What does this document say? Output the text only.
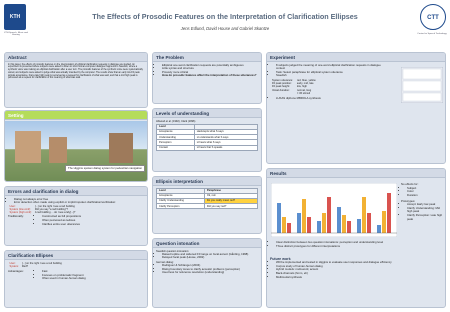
KTH
KTH Speech, Music and Hearing
The Effects of Prosodic Features on the Interpretation of Clarification Ellipses
Jens Edlund, David House and Gabriel Skantze
CTT
Centre for Speech Technology
Abstract

In this paper, the effects of prosodic features on the interpretation of elliptical clarification requests in dialogue are studied. An experiment is presented where subjects were asked to listen to short human-computer dialogue fragments in Swedish, where a synthetic voice was making an elliptical clarification after a user turn. The prosodic features of the synthetic voice were systematically varied, and subjects were asked to judge what was actually intended by the computer. The results show that an early low F0 peak signals acceptance, that a late high peak is perceived as a request for clarification of what was said, and that a mid high peak is perceived as a request for clarification of the meaning of what was said.

Setting
The Higgins spoken dialog system for pedestrian navigation
Errors and clarification in dialog
• Dialog not always error free
• Error detection often made using explicit or implicit spoken clarification/verification:
User:	[...] on the right I see a red building
System (low conf):	Did you say "a red building"?
System (high conf):	A red building ... do I see a lefy[...]?
Traditionally:	• Constructed as full propositions
• Often perceived as tedious
• Clarifies entire user utterances
Clarification Ellipses
User:	[...] on the right I see a red building
System:	Red?
Advantages:	• Fast
• Focuses on problematic fragment
• Often used in human-human dialog
The Problem
• Elliptical one-word clarification requests are potentially ambiguous
• Little syntax and structure
• Prosody more critical
• How do prosodic features affect the interpretation of these utterances?
Levels of understanding
Allwood et al. (1992), Clark (1996)
Level	
Acceptance	Hackcepts what S says
Understanding	H understands what S says
Perception	H hears what S says
Contact	H hears that S speaks
Ellipsis interpretation
Level	Paraphrase
Acceptance	Ok, red.
Clarify Understanding	Do you really mean red?
Clarify Perception	Did you say red?
Question intonation
Swedish question intonation:
• Raised topline and widened F0 range on focal accent (Gårding, 1998)
• Delayed focal peak (House, 2002)
German dialog:
• Rodriguez & Schlangen (2004)
• Rising boundary tones to clarify acoustic problems (perception)
• Used less for reference resolution (understanding)
Experiment
• 8 subjects judged the meaning of one-word elliptical clarification requests in dialogue context
• Task: Select paraphrase for elliptical system utterance
• Swedish
System utterance:	red, blue, yellow
F0 peak position:	early, mid, late
F0 peak height:	low, high
Vowel duration:	normal, long
	= 36 stimuli
• LUKAS diphone MBROLA synthesis
Results
No effects for:
• Subject
• Color
• Duration
Prototypes:
• Accept: Early low peak
• Clarify Understanding: Mid high peak
• Clarify Perception: Late high peak
• Clear distinction between two question intonations: perception and understanding level
• Three distinct prototypes for different interpretations
Future work
• Will be implemented and tested in Higgins to evaluate user responses and dialogue efficiency
• Corpus study of human-human dialog
• Hybrid models: multi-word, accent
• Back-channels (hmm, eh)
• Multimodal synthesis
